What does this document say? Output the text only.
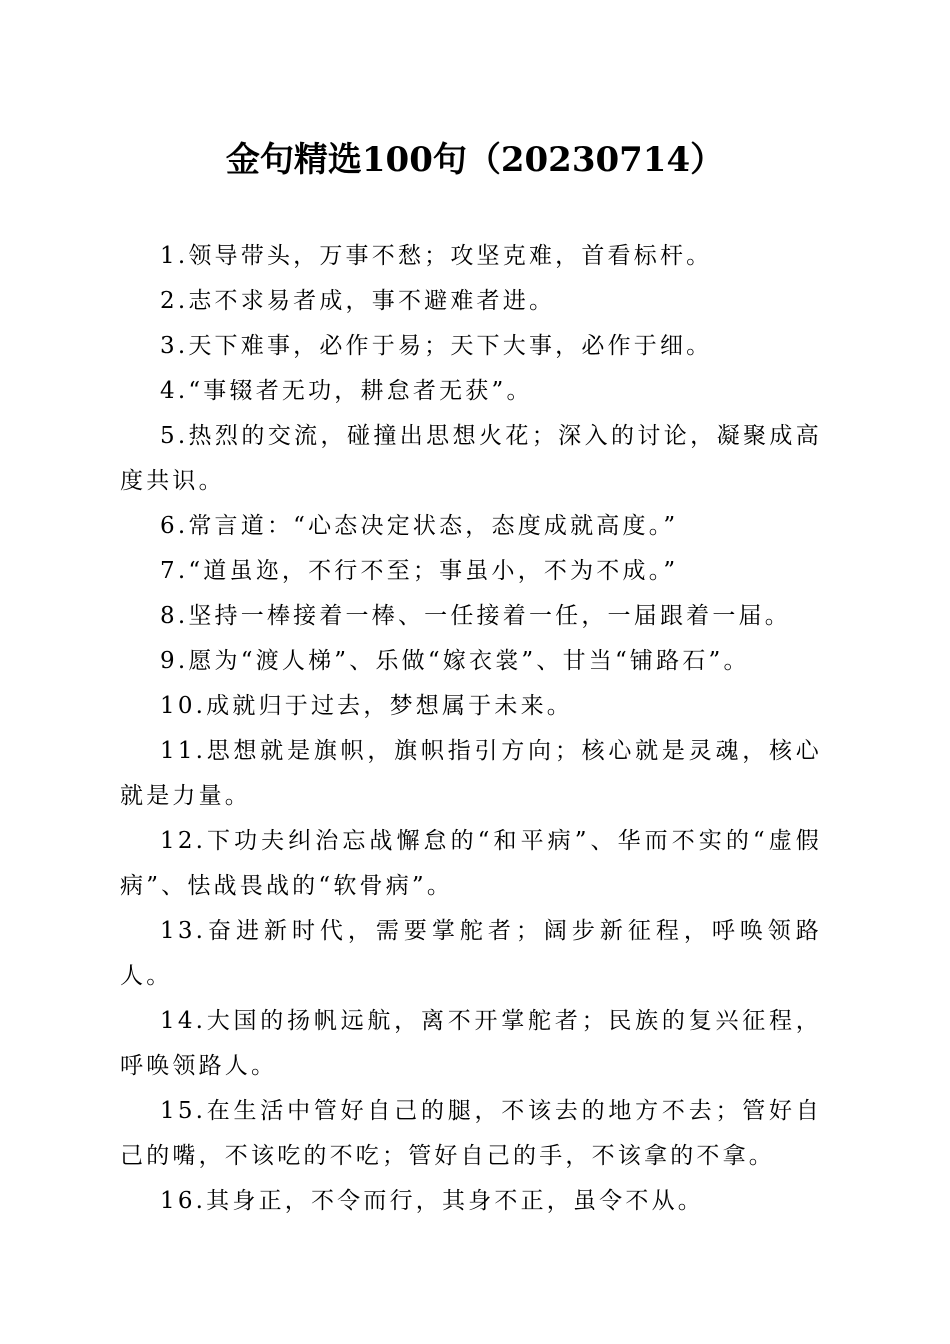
金句精选100句（20230714）

1.领导带头，万事不愁；攻坚克难，首看标杆。

2.志不求易者成，事不避难者进。

3.天下难事，必作于易；天下大事，必作于细。

4.“事辍者无功，耕怠者无获”。

5.热烈的交流，碰撞出思想火花；深入的讨论，凝聚成高度共识。

6.常言道：“心态决定状态，态度成就高度。”

7.“道虽迩，不行不至；事虽小，不为不成。”

8.坚持一棒接着一棒、一任接着一任，一届跟着一届。

9.愿为“渡人梯”、乐做“嫁衣裳”、甘当“铺路石”。

10.成就归于过去，梦想属于未来。

11.思想就是旗帜，旗帜指引方向；核心就是灵魂，核心就是力量。

12.下功夫纠治忘战懈怠的“和平病”、华而不实的“虚假病”、怯战畏战的“软骨病”。

13.奋进新时代，需要掌舵者；阔步新征程，呼唤领路人。

14.大国的扬帆远航，离不开掌舵者；民族的复兴征程，呼唤领路人。

15.在生活中管好自己的腿，不该去的地方不去；管好自己的嘴，不该吃的不吃；管好自己的手，不该拿的不拿。

16.其身正，不令而行，其身不正，虽令不从。
